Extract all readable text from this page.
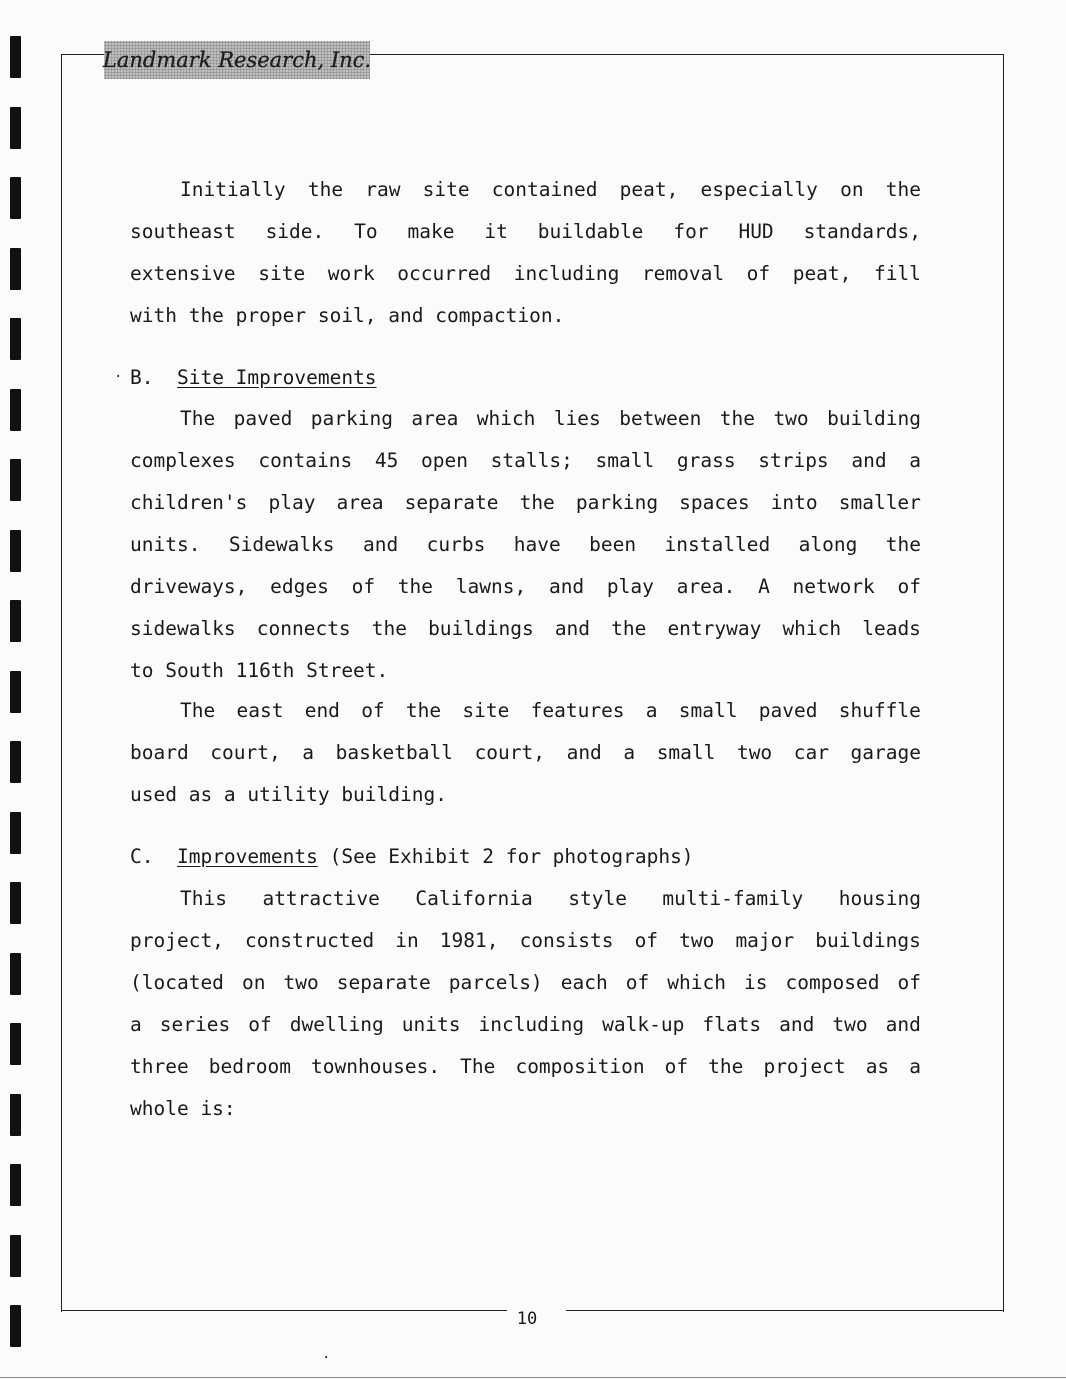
Landmark Research, Inc.
Initially the raw site contained peat, especially on the
southeast side. To make it buildable for HUD standards,
extensive site work occurred including removal of peat, fill
with the proper soil, and compaction.
· B. Site Improvements
The paved parking area which lies between the two building
complexes contains 45 open stalls; small grass strips and a
children's play area separate the parking spaces into smaller
units. Sidewalks and curbs have been installed along the
driveways, edges of the lawns, and play area. A network of
sidewalks connects the buildings and the entryway which leads
to South 116th Street.
The east end of the site features a small paved shuffle
board court, a basketball court, and a small two car garage
used as a utility building.
C. Improvements (See Exhibit 2 for photographs)
This attractive California style multi-family housing
project, constructed in 1981, consists of two major buildings
(located on two separate parcels) each of which is composed of
a series of dwelling units including walk-up flats and two and
three bedroom townhouses. The composition of the project as a
whole is:
10
·
